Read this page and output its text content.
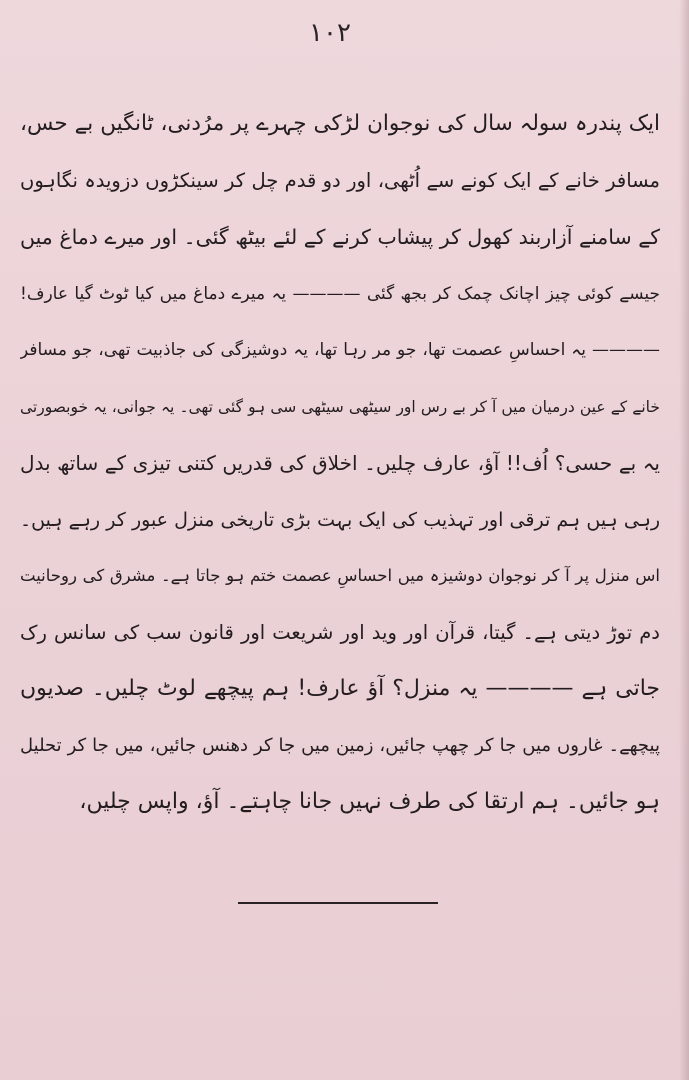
١٠٢
ایک پندرہ سولہ سال کی نوجوان لڑکی چہرے پر مرُدنی، ٹانگیں بے حس،
مسافر خانے کے ایک کونے سے اُٹھی، اور دو قدم چل کر سینکڑوں دزویدہ نگاہوں
کے سامنے آزاربند کھول کر پیشاب کرنے کے لئے بیٹھ گئی۔ اور میرے دماغ میں
جیسے کوئی چیز اچانک چمک کر بجھ گئی ———— یہ میرے دماغ میں کیا ٹوٹ گیا عارف!
———— یہ احساسِ عصمت تھا، جو مر رہا تھا، یہ دوشیزگی کی جاذبیت تھی، جو مسافر
خانے کے عین درمیان میں آ کر بے رس اور سیٹھی سیٹھی سی ہو گئی تھی۔ یہ جوانی، یہ خوبصورتی
یہ بے حسی؟ اُف!! آؤ، عارف چلیں۔ اخلاق کی قدریں کتنی تیزی کے ساتھ بدل
رہی ہیں ہم ترقی اور تہذیب کی ایک بہت بڑی تاریخی منزل عبور کر رہے ہیں۔
اس منزل پر آ کر نوجوان دوشیزہ میں احساسِ عصمت ختم ہو جاتا ہے۔ مشرق کی روحانیت
دم توڑ دیتی ہے۔ گیتا، قرآن اور وید اور شریعت اور قانون سب کی سانس رک
جاتی ہے ———— یہ منزل؟ آؤ عارف! ہم پیچھے لوٹ چلیں۔ صدیوں
پیچھے۔ غاروں میں جا کر چھپ جائیں، زمین میں جا کر دھنس جائیں، میں جا کر تحلیل
ہو جائیں۔ ہم ارتقا کی طرف نہیں جانا چاہتے۔ آؤ، واپس چلیں،
